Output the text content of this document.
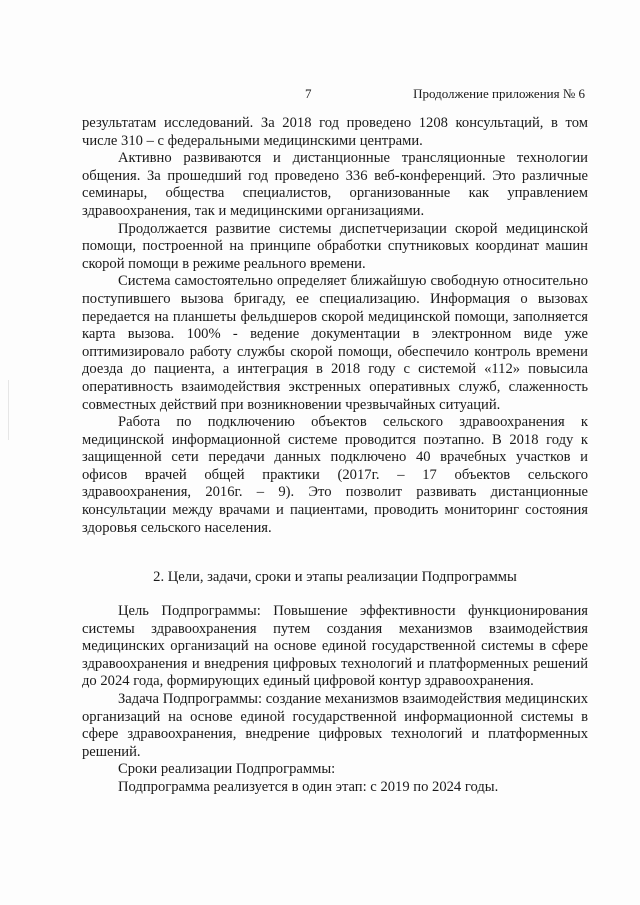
7	Продолжение приложения № 6

результатам исследований. За 2018 год проведено 1208 консультаций, в том числе 310 – с федеральными медицинскими центрами.

Активно развиваются и дистанционные трансляционные технологии общения. За прошедший год проведено 336 веб-конференций. Это различные семинары, общества специалистов, организованные как управлением здравоохранения, так и медицинскими организациями.

Продолжается развитие системы диспетчеризации скорой медицинской помощи, построенной на принципе обработки спутниковых координат машин скорой помощи в режиме реального времени.

Система самостоятельно определяет ближайшую свободную относительно поступившего вызова бригаду, ее специализацию. Информация о вызовах передается на планшеты фельдшеров скорой медицинской помощи, заполняется карта вызова. 100% - ведение документации в электронном виде уже оптимизировало работу службы скорой помощи, обеспечило контроль времени доезда до пациента, а интеграция в 2018 году с системой «112» повысила оперативность взаимодействия экстренных оперативных служб, слаженность совместных действий при возникновении чрезвычайных ситуаций.

Работа по подключению объектов сельского здравоохранения к медицинской информационной системе проводится поэтапно. В 2018 году к защищенной сети передачи данных подключено 40 врачебных участков и офисов врачей общей практики (2017г. – 17 объектов сельского здравоохранения, 2016г. – 9). Это позволит развивать дистанционные консультации между врачами и пациентами, проводить мониторинг состояния здоровья сельского населения.

2. Цели, задачи, сроки и этапы реализации Подпрограммы

Цель Подпрограммы: Повышение эффективности функционирования системы здравоохранения путем создания механизмов взаимодействия медицинских организаций на основе единой государственной системы в сфере здравоохранения и внедрения цифровых технологий и платформенных решений до 2024 года, формирующих единый цифровой контур здравоохранения.

Задача Подпрограммы: создание механизмов взаимодействия медицинских организаций на основе единой государственной информационной системы в сфере здравоохранения, внедрение цифровых технологий и платформенных решений.

Сроки реализации Подпрограммы:

Подпрограмма реализуется в один этап: с 2019 по 2024 годы.
